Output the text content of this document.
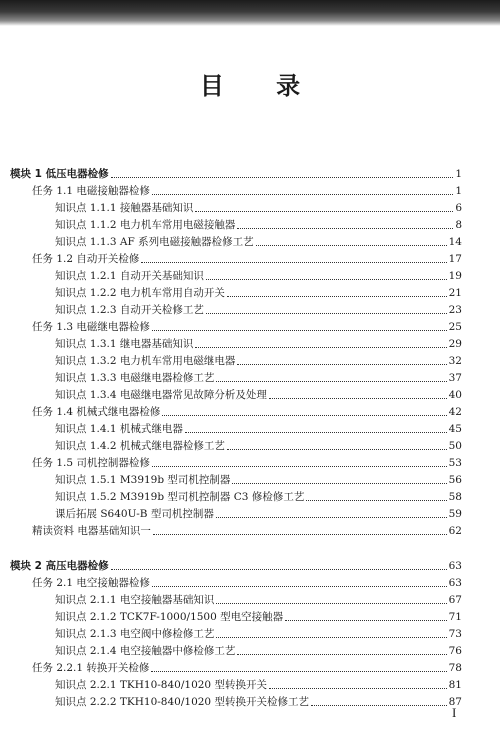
目 录
模块 1 低压电器检修	1
任务 1.1 电磁接触器检修	1
知识点 1.1.1 接触器基础知识	6
知识点 1.1.2 电力机车常用电磁接触器	8
知识点 1.1.3 AF 系列电磁接触器检修工艺	14
任务 1.2 自动开关检修	17
知识点 1.2.1 自动开关基础知识	19
知识点 1.2.2 电力机车常用自动开关	21
知识点 1.2.3 自动开关检修工艺	23
任务 1.3 电磁继电器检修	25
知识点 1.3.1 继电器基础知识	29
知识点 1.3.2 电力机车常用电磁继电器	32
知识点 1.3.3 电磁继电器检修工艺	37
知识点 1.3.4 电磁继电器常见故障分析及处理	40
任务 1.4 机械式继电器检修	42
知识点 1.4.1 机械式继电器	45
知识点 1.4.2 机械式继电器检修工艺	50
任务 1.5 司机控制器检修	53
知识点 1.5.1 M3919b 型司机控制器	56
知识点 1.5.2 M3919b 型司机控制器 C3 修检修工艺	58
课后拓展 S640U-B 型司机控制器	59
精读资料 电器基础知识一	62
模块 2 高压电器检修	63
任务 2.1 电空接触器检修	63
知识点 2.1.1 电空接触器基础知识	67
知识点 2.1.2 TCK7F-1000/1500 型电空接触器	71
知识点 2.1.3 电空阀中修检修工艺	73
知识点 2.1.4 电空接触器中修检修工艺	76
任务 2.2.1 转换开关检修	78
知识点 2.2.1 TKH10-840/1020 型转换开关	81
知识点 2.2.2 TKH10-840/1020 型转换开关检修工艺	87
I
